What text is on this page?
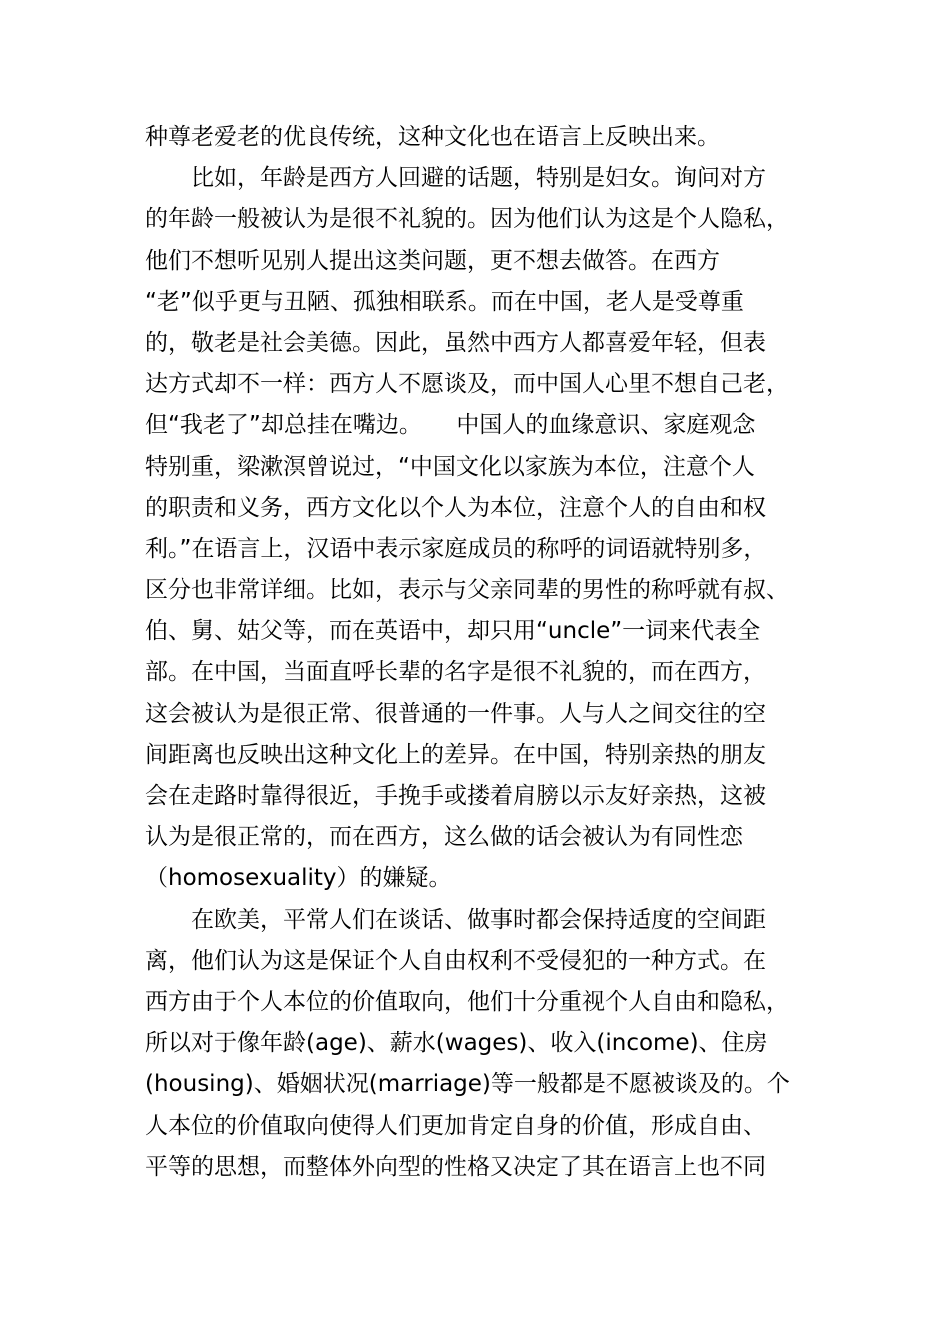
种尊老爱老的优良传统，这种文化也在语言上反映出来。
　　比如，年龄是西方人回避的话题，特别是妇女。询问对方
的年龄一般被认为是很不礼貌的。因为他们认为这是个人隐私，
他们不想听见别人提出这类问题，更不想去做答。在西方
“老”似乎更与丑陋、孤独相联系。而在中国，老人是受尊重
的，敬老是社会美德。因此，虽然中西方人都喜爱年轻，但表
达方式却不一样：西方人不愿谈及，而中国人心里不想自己老，
但“我老了”却总挂在嘴边。　　中国人的血缘意识、家庭观念
特别重，梁漱溟曾说过，“中国文化以家族为本位，注意个人
的职责和义务，西方文化以个人为本位，注意个人的自由和权
利。”在语言上，汉语中表示家庭成员的称呼的词语就特别多，
区分也非常详细。比如，表示与父亲同辈的男性的称呼就有叔、
伯、舅、姑父等，而在英语中，却只用“uncle”一词来代表全
部。在中国，当面直呼长辈的名字是很不礼貌的，而在西方，
这会被认为是很正常、很普通的一件事。人与人之间交往的空
间距离也反映出这种文化上的差异。在中国，特别亲热的朋友
会在走路时靠得很近，手挽手或搂着肩膀以示友好亲热，这被
认为是很正常的，而在西方，这么做的话会被认为有同性恋
（homosexuality）的嫌疑。
　　在欧美，平常人们在谈话、做事时都会保持适度的空间距
离，他们认为这是保证个人自由权利不受侵犯的一种方式。在
西方由于个人本位的价值取向，他们十分重视个人自由和隐私，
所以对于像年龄(age)、薪水(wages)、收入(income)、住房
(housing)、婚姻状况(marriage)等一般都是不愿被谈及的。个
人本位的价值取向使得人们更加肯定自身的价值，形成自由、
平等的思想，而整体外向型的性格又决定了其在语言上也不同
